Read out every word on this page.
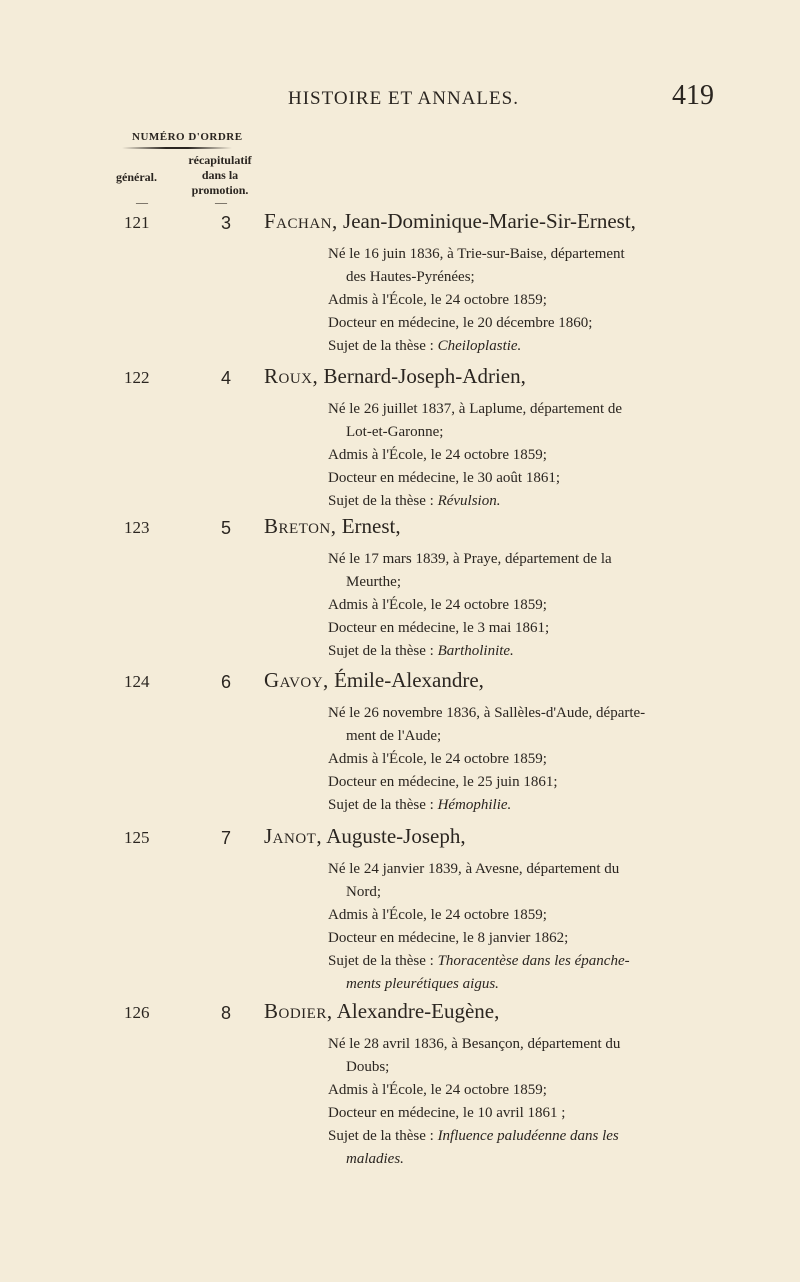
HISTOIRE ET ANNALES.	419
NUMÉRO D'ORDRE
général.
récapitulatif
dans la
promotion.
—	—
121	3 Fachan, Jean-Dominique-Marie-Sir-Ernest,
Né le 16 juin 1836, à Trie-sur-Baise, département
des Hautes-Pyrénées;
Admis à l'École, le 24 octobre 1859;
Docteur en médecine, le 20 décembre 1860;
Sujet de la thèse : Cheiloplastie.
122	4 Roux, Bernard-Joseph-Adrien,
Né le 26 juillet 1837, à Laplume, département de
Lot-et-Garonne;
Admis à l'École, le 24 octobre 1859;
Docteur en médecine, le 30 août 1861;
Sujet de la thèse : Révulsion.
123	5 Breton, Ernest,
Né le 17 mars 1839, à Praye, département de la
Meurthe;
Admis à l'École, le 24 octobre 1859;
Docteur en médecine, le 3 mai 1861;
Sujet de la thèse : Bartholinite.
124	6 Gavoy, Émile-Alexandre,
Né le 26 novembre 1836, à Sallèles-d'Aude, départe-
ment de l'Aude;
Admis à l'École, le 24 octobre 1859;
Docteur en médecine, le 25 juin 1861;
Sujet de la thèse : Hémophilie.
125	7 Janot, Auguste-Joseph,
Né le 24 janvier 1839, à Avesne, département du
Nord;
Admis à l'École, le 24 octobre 1859;
Docteur en médecine, le 8 janvier 1862;
Sujet de la thèse : Thoracentèse dans les épanche-
ments pleurétiques aigus.
126	8 Bodier, Alexandre-Eugène,
Né le 28 avril 1836, à Besançon, département du
Doubs;
Admis à l'École, le 24 octobre 1859;
Docteur en médecine, le 10 avril 1861 ;
Sujet de la thèse : Influence paludéenne dans les
maladies.
